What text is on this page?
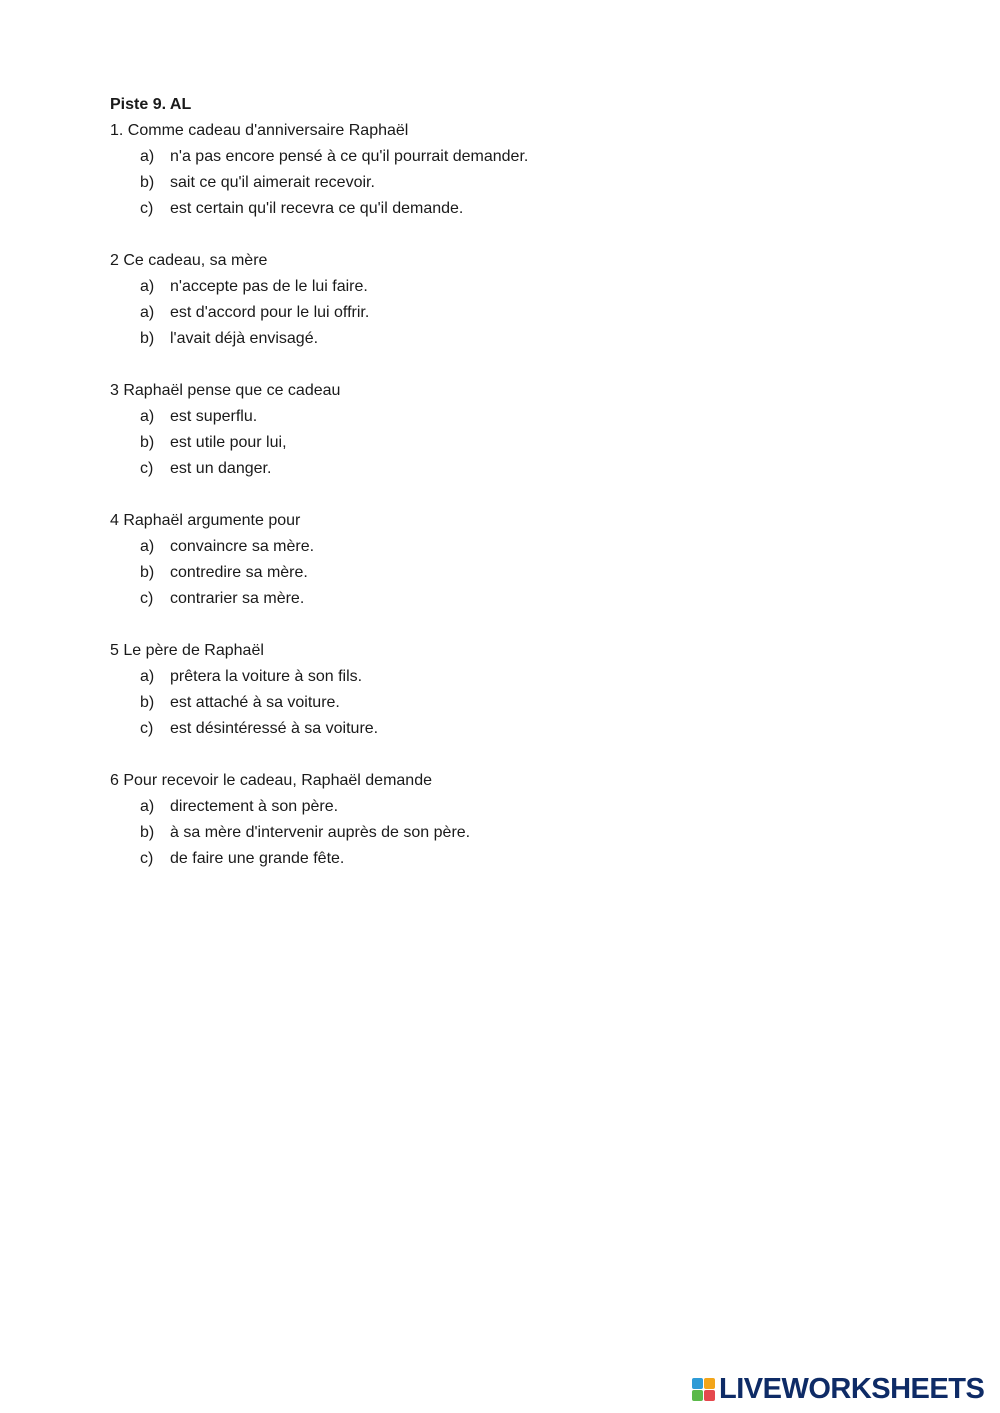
Piste 9. AL
1. Comme cadeau d'anniversaire Raphaël
a) n'a pas encore pensé à ce qu'il pourrait demander.
b) sait ce qu'il aimerait recevoir.
c)	est certain qu'il recevra ce qu'il demande.
2 Ce cadeau, sa mère
a) n'accepte pas de le lui faire.
a) est d'accord pour le lui offrir.
b) l'avait déjà envisagé.
3 Raphaël pense que ce cadeau
a) est superflu.
b) est utile pour lui,
c)	est un danger.
4 Raphaël argumente pour
a) convaincre sa mère.
b) contredire sa mère.
c)	contrarier sa mère.
5 Le père de Raphaël
a) prêtera la voiture à son fils.
b) est attaché à sa voiture.
c)	est désintéressé à sa voiture.
6 Pour recevoir le cadeau, Raphaël demande
a) directement à son père.
b) à sa mère d'intervenir auprès de son père.
c)	de faire une grande fête.
LIVEWORKSHEETS
